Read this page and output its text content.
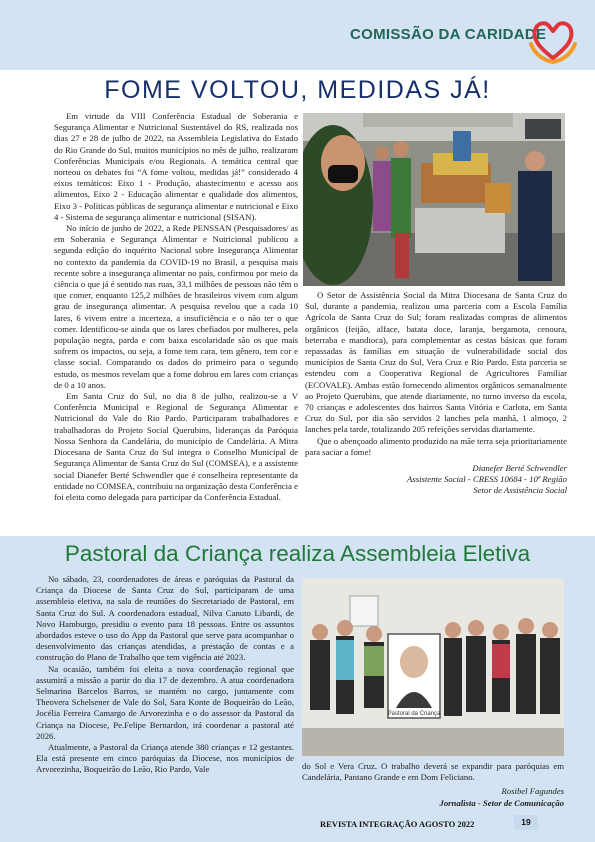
COMISSÃO DA CARIDADE
FOME VOLTOU, MEDIDAS JÁ!

Em virtude da VIII Conferência Estadual de Soberania e Segurança Alimentar e Nutricional Sustentável do RS, realizada nos dias 27 e 28 de julho de 2022, na Assembleia Legislativa do Estado do Rio Grande do Sul, muitos municípios no mês de julho, realizaram Conferências Municipais e/ou Regionais. A temática central que norteou os debates foi “A fome voltou, medidas já!” considerado 4 eixos temáticos: Eixo 1 - Produção, abastecimento e acesso aos alimentos, Eixo 2 - Educação alimentar e qualidade dos alimentos, Eixo 3 - Políticas públicas de segurança alimentar e nutricional e Eixo 4 - Sistema de segurança alimentar e nutricional (SISAN).

No início de junho de 2022, a Rede PENSSAN (Pesquisadores/ as em Soberania e Segurança Alimentar e Nutricional publicou a segunda edição do inquérito Nacional sobre Insegurança Alimentar no contexto da pandemia da COVID-19 no Brasil, a pesquisa mais recente sobre a insegurança alimentar no país, confirmou por meio da ciência o que já é sentido nas ruas, 33,1 milhões de pessoas não têm o que comer, enquanto 125,2 milhões de brasileiros vivem com algum grau de insegurança alimentar. A pesquisa revelou que a cada 10 lares, 6 vivem entre a incerteza, a insuficiência e o não ter o que comer. Identificou-se ainda que os lares chefiados por mulheres, pela população negra, parda e com baixa escolaridade são os que mais sofrem os impactos, ou seja, a fome tem cara, tem gênero, tem cor e classe social. Comparando os dados do primeiro para o segundo estudo, os mesmos revelam que a fome dobrou em lares com crianças de 0 a 10 anos.

Em Santa Cruz do Sul, no dia 8 de julho, realizou-se a V Conferência Municipal e Regional de Segurança Alimentar e Nutricional do Vale do Rio Pardo. Participaram trabalhadores e trabalhadoras do Projeto Social Querubins, lideranças da Paróquia Nossa Senhora da Candelária, do município de Candelária. A Mitra Diocesana de Santa Cruz do Sul integra o Conselho Municipal de Segurança Alimentar de Santa Cruz do Sul (COMSEA), e a assistente social Dianefer Berté Schwendler que é conselheira representante da entidade no COMSEA, contribuiu na organização desta Conferência e foi eleita como delegada para participar da Conferência Estadual.

O Setor de Assistência Social da Mitra Diocesana de Santa Cruz do Sul, durante a pandemia, realizou uma parceria com a Escola Família Agrícola de Santa Cruz do Sul; foram realizadas compras de alimentos orgânicos (feijão, alface, batata doce, laranja, bergamota, cenoura, beterraba e mandioca), para complementar as cestas básicas que foram repassadas às famílias em situação de vulnerabilidade social dos municípios de Santa Cruz do Sul, Vera Cruz e Rio Pardo. Esta parceria se estendeu com a Cooperativa Regional de Agricultores Familiar (ECOVALE). Ambas estão fornecendo alimentos orgânicos semanalmente ao Projeto Querubins, que atende diariamente, no turno inverso da escola, 70 crianças e adolescentes dos bairros Santa Vitória e Carlota, em Santa Cruz do Sul, por dia são servidos 2 lanches pela manhã, 1 almoço, 2 lanches pela tarde, totalizando 205 refeições servidas diariamente.

Que o abençoado alimento produzido na mãe terra seja prioritariamente para saciar a fome!

Dianefer Berté Schwendler
Assistente Social - CRESS 10684 - 10ª Região
Setor de Assistência Social
Pastoral da Criança realiza Assembleia Eletiva

No sábado, 23, coordenadores de áreas e paróquias da Pastoral da Criança da Diocese de Santa Cruz do Sul, participaram de uma assembleia eletiva, na sala de reuniões do Secretariado de Pastoral, em Santa Cruz do Sul. A coordenadora estadual, Nilva Canuto Libardi, de Novo Hamburgo, presidiu o evento para 18 pessoas. Entre os assuntos abordados esteve o uso do App da Pastoral que serve para acompanhar o desenvolvimento das crianças atendidas, a prestação de contas e a construção do Plano de Trabalho que tem vigência até 2023.

Na ocasião, também foi eleita a nova coordenação regional que assumirá a missão a partir do dia 17 de dezembro. A atua coordenadora Selmarina Barcelos Barros, se mantém no cargo, juntamente com Theovera Schelsener de Vale do Sol, Sara Konte de Boqueirão do Leão, Jocélia Ferreira Camargo de Arvorezinha e o do assessor da Pastoral da Criança na Diocese, Pe.Felipe Bernardon, irá coordenar a pastoral até 2026.

Atualmente, a Pastoral da Criança atende 380 crianças e 12 gestantes. Ela está presente em cinco paróquias da Diocese, nos municípios de Arvorezinha, Boqueirão do Leão, Rio Pardo, Vale

Pastoral da Criança

do Sol e Vera Cruz. O trabalho deverá se expandir para paróquias em Candelária, Pantano Grande e em Dom Feliciano.

Rosibel Fagundes
Jornalista - Setor de Comunicação
REVISTA INTEGRAÇÃO AGOSTO 2022	19
